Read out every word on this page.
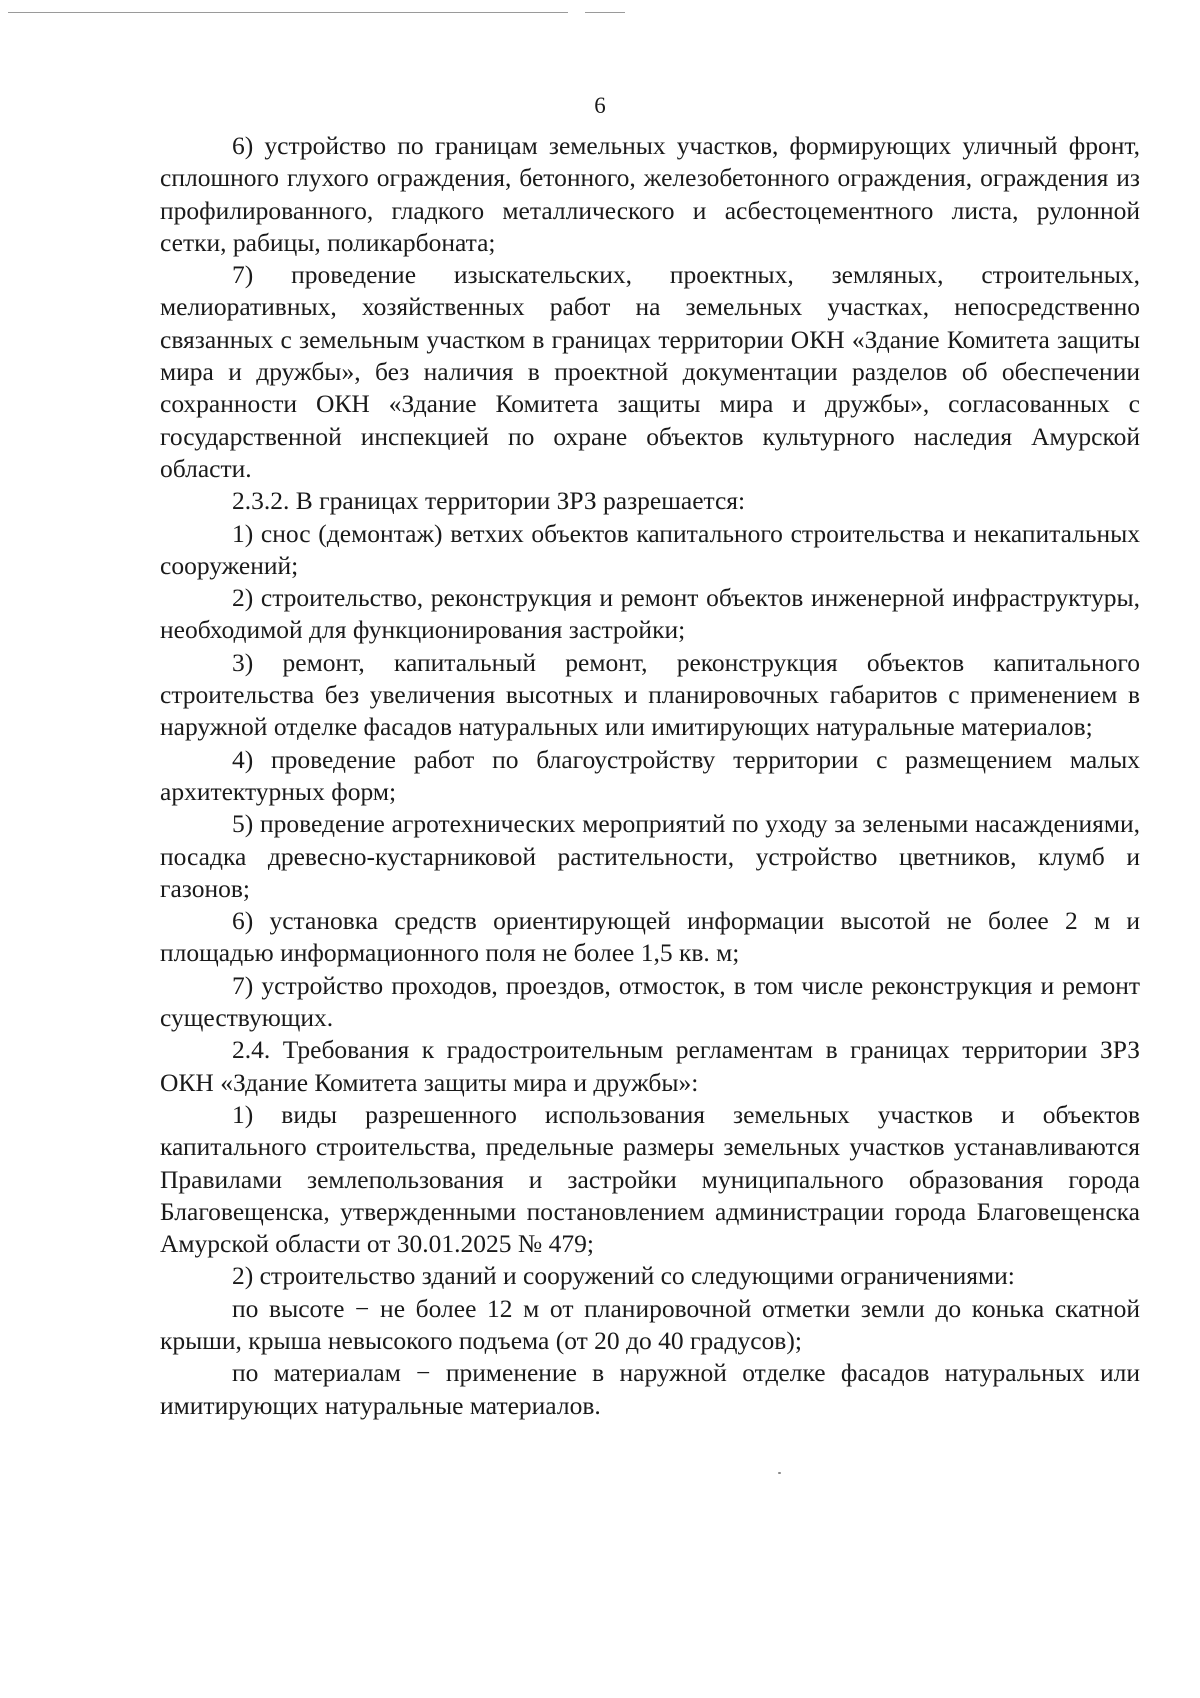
6

6) устройство по границам земельных участков, формирующих уличный фронт, сплошного глухого ограждения, бетонного, железобетонного ограждения, ограждения из профилированного, гладкого металлического и асбестоцементного листа, рулонной сетки, рабицы, поликарбоната;

7) проведение изыскательских, проектных, земляных, строительных, мелиоративных, хозяйственных работ на земельных участках, непосредственно связанных с земельным участком в границах территории ОКН «Здание Комитета защиты мира и дружбы», без наличия в проектной документации разделов об обеспечении сохранности ОКН «Здание Комитета защиты мира и дружбы», согласованных с государственной инспекцией по охране объектов культурного наследия Амурской области.

2.3.2. В границах территории ЗРЗ разрешается:

1) снос (демонтаж) ветхих объектов капитального строительства и некапитальных сооружений;

2) строительство, реконструкция и ремонт объектов инженерной инфраструктуры, необходимой для функционирования застройки;

3) ремонт, капитальный ремонт, реконструкция объектов капитального строительства без увеличения высотных и планировочных габаритов с применением в наружной отделке фасадов натуральных или имитирующих натуральные материалов;

4) проведение работ по благоустройству территории с размещением малых архитектурных форм;

5) проведение агротехнических мероприятий по уходу за зелеными насаждениями, посадка древесно-кустарниковой растительности, устройство цветников, клумб и газонов;

6) установка средств ориентирующей информации высотой не более 2 м и площадью информационного поля не более 1,5 кв. м;

7) устройство проходов, проездов, отмосток, в том числе реконструкция и ремонт существующих.

2.4. Требования к градостроительным регламентам в границах территории ЗРЗ ОКН «Здание Комитета защиты мира и дружбы»:

1) виды разрешенного использования земельных участков и объектов капитального строительства, предельные размеры земельных участков устанавливаются Правилами землепользования и застройки муниципального образования города Благовещенска, утвержденными постановлением администрации города Благовещенска Амурской области от 30.01.2025 № 479;

2) строительство зданий и сооружений со следующими ограничениями:

по высоте − не более 12 м от планировочной отметки земли до конька скатной крыши, крыша невысокого подъема (от 20 до 40 градусов);

по материалам − применение в наружной отделке фасадов натуральных или имитирующих натуральные материалов.
